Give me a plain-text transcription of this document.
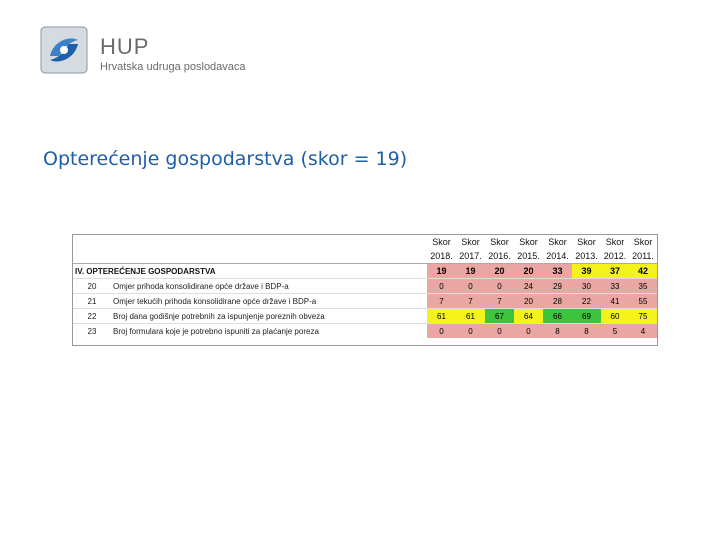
HUP
Hrvatska udruga poslodavaca
Opterećenje gospodarstva (skor = 19)
		Skor	Skor	Skor	Skor	Skor	Skor	Skor	Skor
		2018.	2017.	2016.	2015.	2014.	2013.	2012.	2011.
IV. OPTEREĆENJE GOSPODARSTVA		19	19	20	20	33	39	37	42
20	Omjer prihoda konsolidirane opće države i BDP-a	0	0	0	24	29	30	33	35
21	Omjer tekućih prihoda konsolidirane opće države i BDP-a	7	7	7	20	28	22	41	55
22	Broj dana godišnje potrebnih za ispunjenje poreznih obveza	61	61	67	64	66	69	60	75
23	Broj formulara koje je potrebno ispuniti za plaćanje poreza	0	0	0	0	8	8	5	4
